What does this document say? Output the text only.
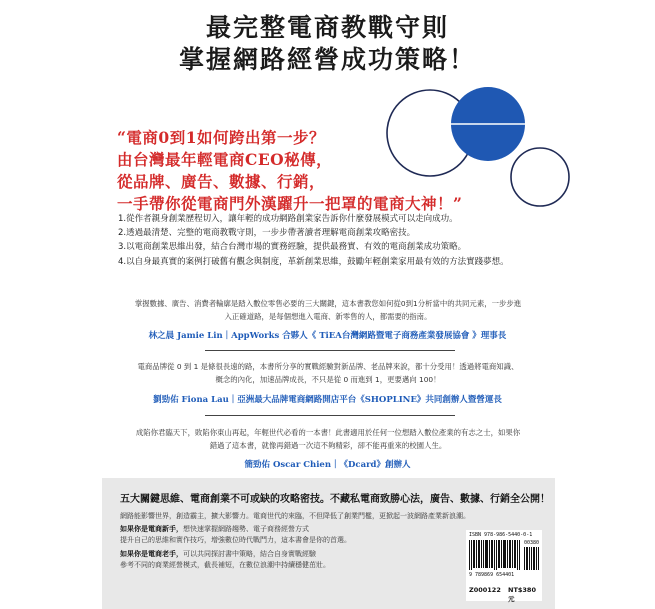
最完整電商教戰守則
掌握網路經營成功策略！
“電商0到1如何跨出第一步？
由台灣最年輕電商CEO秘傳，
從品牌、廣告、數據、行銷，
一手帶你從電商門外漢躍升一把罩的電商大神！”
1.從作者親身創業歷程切入，讓年輕的成功網路創業家告訴你什麼發展模式可以走向成功。
2.透過最清楚、完整的電商教戰守則，一步步帶著讀者理解電商創業攻略密技。
3.以電商創業思維出發，結合台灣市場的實務經驗，提供最務實、有效的電商創業成功策略。
4.以自身最真實的案例打破舊有觀念與制度，革新創業思維，鼓勵年輕創業家用最有效的方法實踐夢想。
掌握數據、廣告、消費者輪廓是踏入數位零售必要的三大關鍵，這本書教您如何從0到1分析當中的共同元素，一步步進
入正確道路，是每個想進入電商、新零售的人，都需要的指南。
林之晨 Jamie Lin｜AppWorks 合夥人《 TiEA台灣網路暨電子商務產業發展協會 》理事長
電商品牌從 0 到 1 是條很長遠的路，本書所分享的實戰經驗對新品牌、老品牌來說，都十分受用！透過將電商知識、
概念的內化，加速品牌成長，不只是從 0 而進到 1，更要邁向 100！
劉勁佑 Fiona Lau｜亞洲最大品牌電商網路開店平台《SHOPLINE》共同創辦人暨營運長
成陷你君臨天下，敗陷你東山再起，年輕世代必看的一本書！此書適用於任何一位想踏入數位產業的有志之士，如果你
錯過了這本書，就像再錯過一次這不夠精彩，卻不能再重來的校園人生。
簡勁佑 Oscar Chien｜《Dcard》創辦人
五大關鍵思維、電商創業不可或缺的攻略密技。不藏私電商致勝心法，廣告、數據、行銷全公開！
網路能影響世界，創造霸主，擴大影響力。電商世代的來臨，不但降低了創業門檻，更掀起一波網路產業新浪潮。
如果你是電商新手，想快速掌握網路趨勢、電子商務經營方式
提升自己的思維和實作技巧，增強數位時代戰鬥力，這本書會是你的首選。
如果你是電商老手，可以共同探討書中策略，結合自身實戰經驗
參考不同的商業經營模式，截長補短，在數位浪潮中持續穩健茁壯。
ISBN 978-986-5440-0-1
00380
9 789869 654401
Z000122 NT$380元
